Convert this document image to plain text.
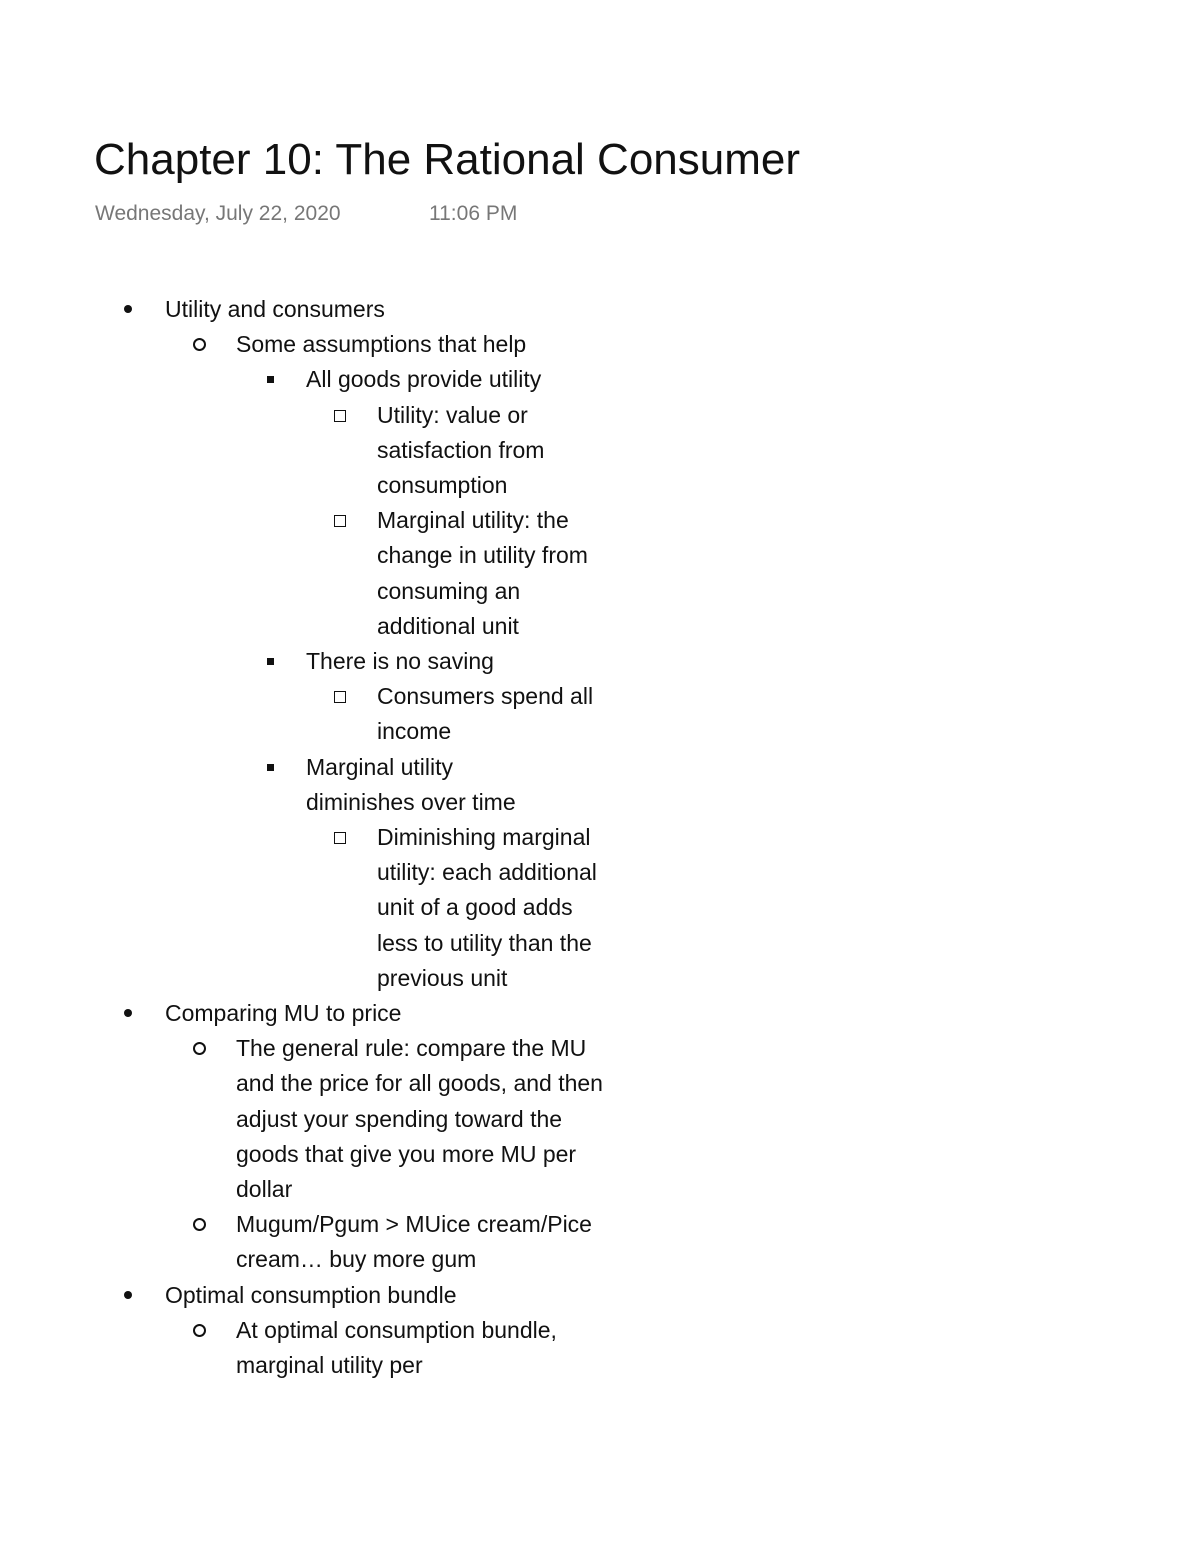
Chapter 10: The Rational Consumer
Wednesday, July 22, 2020	11:06 PM
Utility and consumers
Some assumptions that help
All goods provide utility
Utility: value or satisfaction from consumption
Marginal utility: the change in utility from consuming an additional unit
There is no saving
Consumers spend all income
Marginal utility diminishes over time
Diminishing marginal utility: each additional unit of a good adds less to utility than the previous unit
Comparing MU to price
The general rule: compare the MU and the price for all goods, and then adjust your spending toward the goods that give you more MU per dollar
Mugum/Pgum > MUice cream/Pice cream… buy more gum
Optimal consumption bundle
At optimal consumption bundle, marginal utility per
